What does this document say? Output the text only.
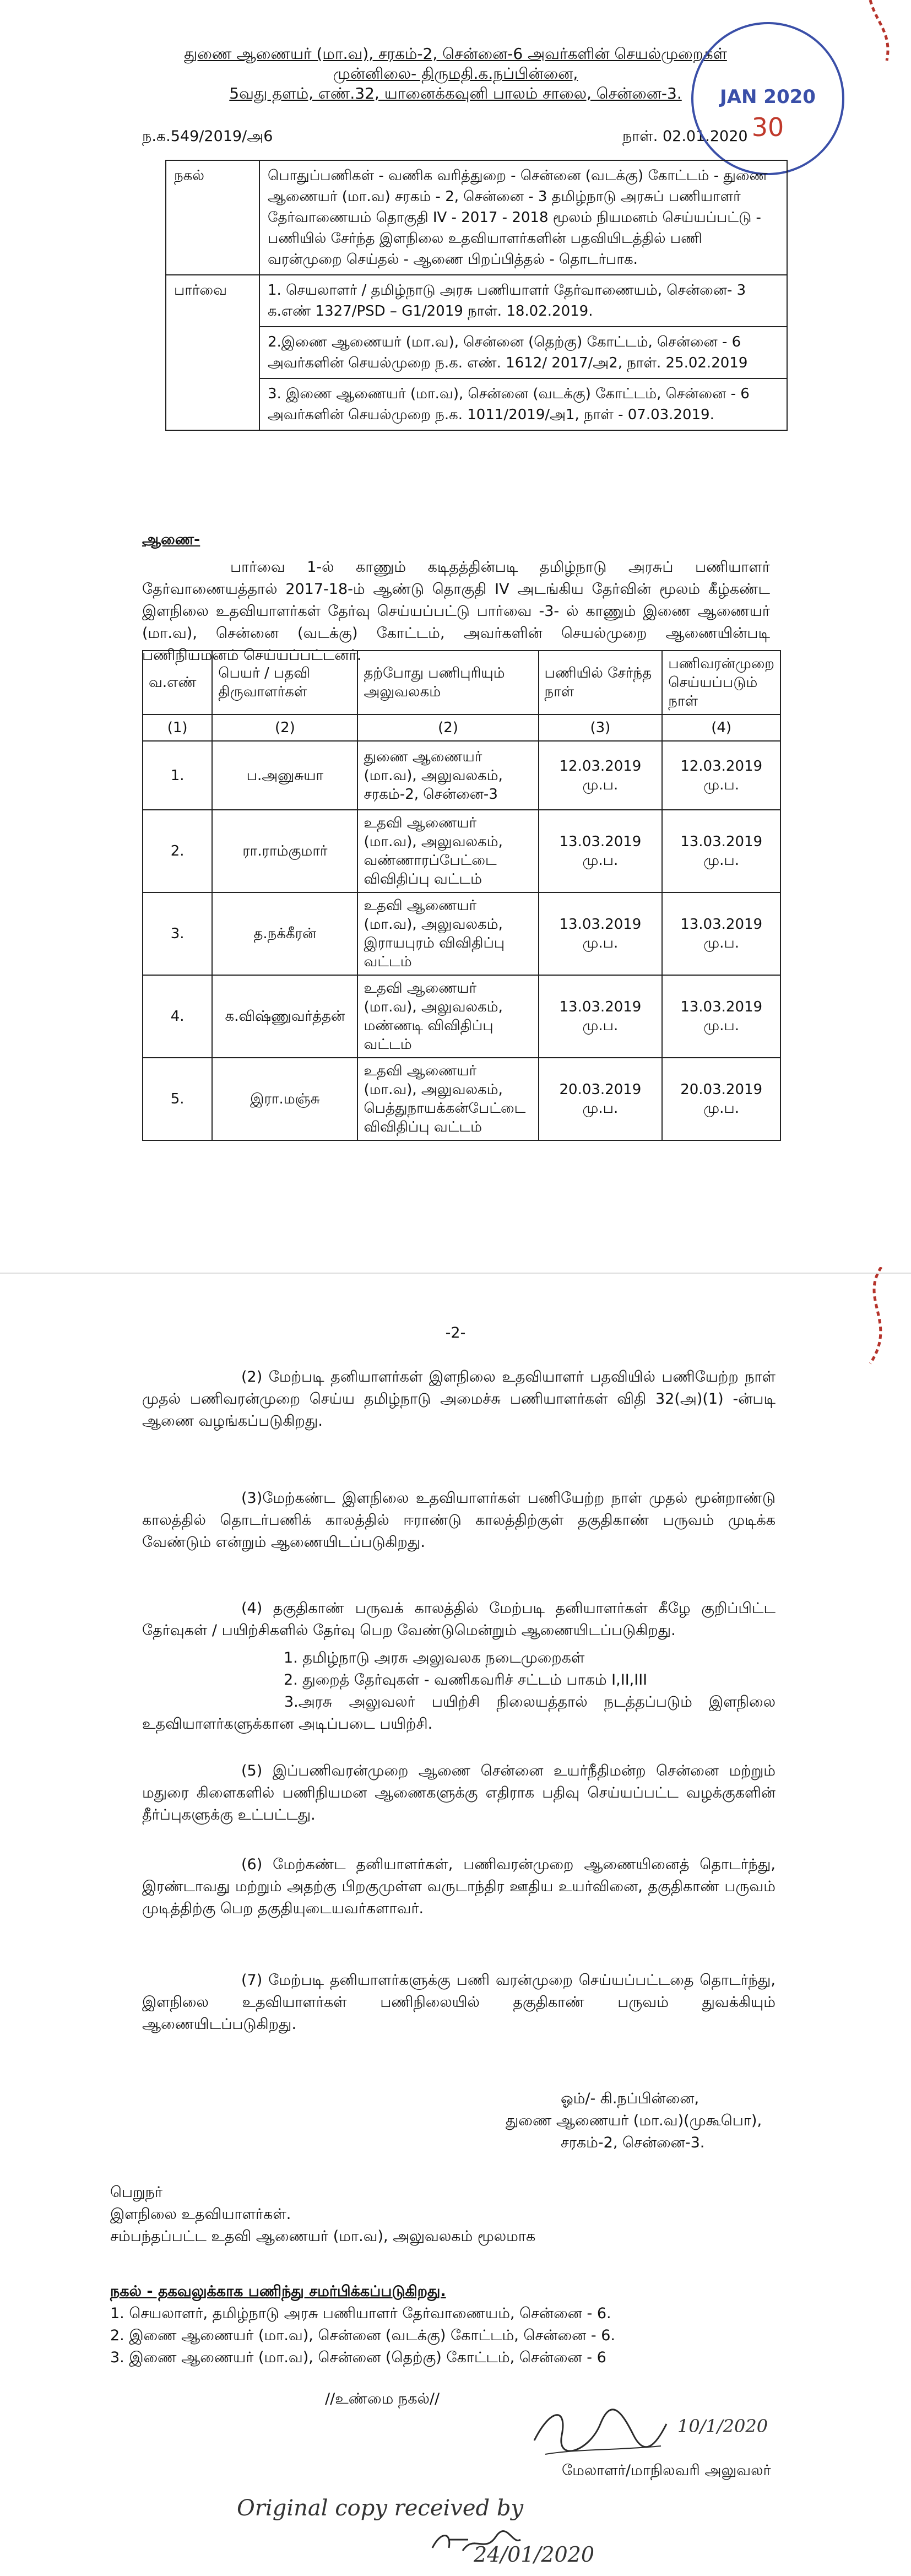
துணை ஆணையர் (மா.வ), சரகம்-2, சென்னை-6 அவர்களின் செயல்முறைகள்
முன்னிலை- திருமதி.க.நப்பின்னை,
5வது தளம், எண்.32, யானைக்கவுனி பாலம் சாலை, சென்னை-3.
ந.க.549/2019/அ6	நாள். 02.01.2020
JAN 2020
30
நகல்	பொதுப்பணிகள் - வணிக வரித்துறை - சென்னை (வடக்கு) கோட்டம் - துணை ஆணையர் (மா.வ) சரகம் - 2, சென்னை - 3 தமிழ்நாடு அரசுப் பணியாளர் தேர்வாணையம் தொகுதி IV - 2017 - 2018 மூலம் நியமனம் செய்யப்பட்டு - பணியில் சேர்ந்த இளநிலை உதவியாளர்களின் பதவியிடத்தில் பணி வரன்முறை செய்தல் - ஆணை பிறப்பித்தல் - தொடர்பாக.
பார்வை	1. செயலாளர் / தமிழ்நாடு அரசு பணியாளர் தேர்வாணையம், சென்னை- 3 க.எண் 1327/PSD – G1/2019 நாள். 18.02.2019.
	2.இணை ஆணையர் (மா.வ), சென்னை (தெற்கு) கோட்டம், சென்னை - 6 அவர்களின் செயல்முறை ந.க. எண். 1612/ 2017/அ2, நாள். 25.02.2019
	3. இணை ஆணையர் (மா.வ), சென்னை (வடக்கு) கோட்டம், சென்னை - 6 அவர்களின் செயல்முறை ந.க. 1011/2019/அ1, நாள் - 07.03.2019.
ஆணை-
பார்வை 1-ல் காணும் கடிதத்தின்படி தமிழ்நாடு அரசுப் பணியாளர் தேர்வாணையத்தால் 2017-18-ம் ஆண்டு தொகுதி IV அடங்கிய தேர்வின் மூலம் கீழ்கண்ட இளநிலை உதவியாளர்கள் தேர்வு செய்யப்பட்டு பார்வை -3- ல் காணும் இணை ஆணையர் (மா.வ), சென்னை (வடக்கு) கோட்டம், அவர்களின் செயல்முறை ஆணையின்படி பணிநியமனம் செய்யப்பட்டனர்.
வ.எண்	பெயர் / பதவி திருவாளர்கள்	தற்போது பணிபுரியும் அலுவலகம்	பணியில் சேர்ந்த நாள்	பணிவரன்முறை செய்யப்படும் நாள்
(1)	(2)	(2)	(3)	(4)
1.	ப.அனுசுயா	துணை ஆணையர் (மா.வ), அலுவலகம், சரகம்-2, சென்னை-3	12.03.2019 மு.ப.	12.03.2019 மு.ப.
2.	ரா.ராம்குமார்	உதவி ஆணையர் (மா.வ), அலுவலகம், வண்ணாரப்பேட்டை விவிதிப்பு வட்டம்	13.03.2019 மு.ப.	13.03.2019 மு.ப.
3.	த.நக்கீரன்	உதவி ஆணையர் (மா.வ), அலுவலகம், இராயபுரம் விவிதிப்பு வட்டம்	13.03.2019 மு.ப.	13.03.2019 மு.ப.
4.	க.விஷ்ணுவர்த்தன்	உதவி ஆணையர் (மா.வ), அலுவலகம், மண்ணடி விவிதிப்பு வட்டம்	13.03.2019 மு.ப.	13.03.2019 மு.ப.
5.	இரா.மஞ்சு	உதவி ஆணையர் (மா.வ), அலுவலகம், பெத்துநாயக்கன்பேட்டை விவிதிப்பு வட்டம்	20.03.2019 மு.ப.	20.03.2019 மு.ப.
-2-
(2) மேற்படி தனியாளர்கள் இளநிலை உதவியாளர் பதவியில் பணியேற்ற நாள் முதல் பணிவரன்முறை செய்ய தமிழ்நாடு அமைச்சு பணியாளர்கள் விதி 32(அ)(1) -ன்படி ஆணை வழங்கப்படுகிறது.
(3)மேற்கண்ட இளநிலை உதவியாளர்கள் பணியேற்ற நாள் முதல் மூன்றாண்டு காலத்தில் தொடர்பணிக் காலத்தில் ஈராண்டு காலத்திற்குள் தகுதிகாண் பருவம் முடிக்க வேண்டும் என்றும் ஆணையிடப்படுகிறது.
(4) தகுதிகாண் பருவக் காலத்தில் மேற்படி தனியாளர்கள் கீழே குறிப்பிட்ட தேர்வுகள் / பயிற்சிகளில் தேர்வு பெற வேண்டுமென்றும் ஆணையிடப்படுகிறது.
1. தமிழ்நாடு அரசு அலுவலக நடைமுறைகள்
2. துறைத் தேர்வுகள் - வணிகவரிச் சட்டம் பாகம் I,II,III
3.அரசு அலுவலர் பயிற்சி நிலையத்தால் நடத்தப்படும் இளநிலை உதவியாளர்களுக்கான அடிப்படை பயிற்சி.
(5) இப்பணிவரன்முறை ஆணை சென்னை உயர்நீதிமன்ற சென்னை மற்றும் மதுரை கிளைகளில் பணிநியமன ஆணைகளுக்கு எதிராக பதிவு செய்யப்பட்ட வழக்குகளின் தீர்ப்புகளுக்கு உட்பட்டது.
(6) மேற்கண்ட தனியாளர்கள், பணிவரன்முறை ஆணையினைத் தொடர்ந்து, இரண்டாவது மற்றும் அதற்கு பிறகுமுள்ள வருடாந்திர ஊதிய உயர்வினை, தகுதிகாண் பருவம் முடித்திற்கு பெற தகுதியுடையவர்களாவர்.
(7) மேற்படி தனியாளர்களுக்கு பணி வரன்முறை செய்யப்பட்டதை தொடர்ந்து, இளநிலை உதவியாளர்கள் பணிநிலையில் தகுதிகாண் பருவம் துவக்கியும் ஆணையிடப்படுகிறது.
ஓம்/- கி.நப்பின்னை,
துணை ஆணையர் (மா.வ)(முகூபொ),
சரகம்-2, சென்னை-3.
பெறுநர்
இளநிலை உதவியாளர்கள்.
சம்பந்தப்பட்ட உதவி ஆணையர் (மா.வ), அலுவலகம் மூலமாக
நகல் - தகவலுக்காக பணிந்து சமர்பிக்கப்படுகிறது.
1. செயலாளர், தமிழ்நாடு அரசு பணியாளர் தேர்வாணையம், சென்னை - 6.
2. இணை ஆணையர் (மா.வ), சென்னை (வடக்கு) கோட்டம், சென்னை - 6.
3. இணை ஆணையர் (மா.வ), சென்னை (தெற்கு) கோட்டம், சென்னை - 6
//உண்மை நகல்//
10/1/2020
மேலாளர்/மாநிலவரி அலுவலர்
Original copy received by
24/01/2020
